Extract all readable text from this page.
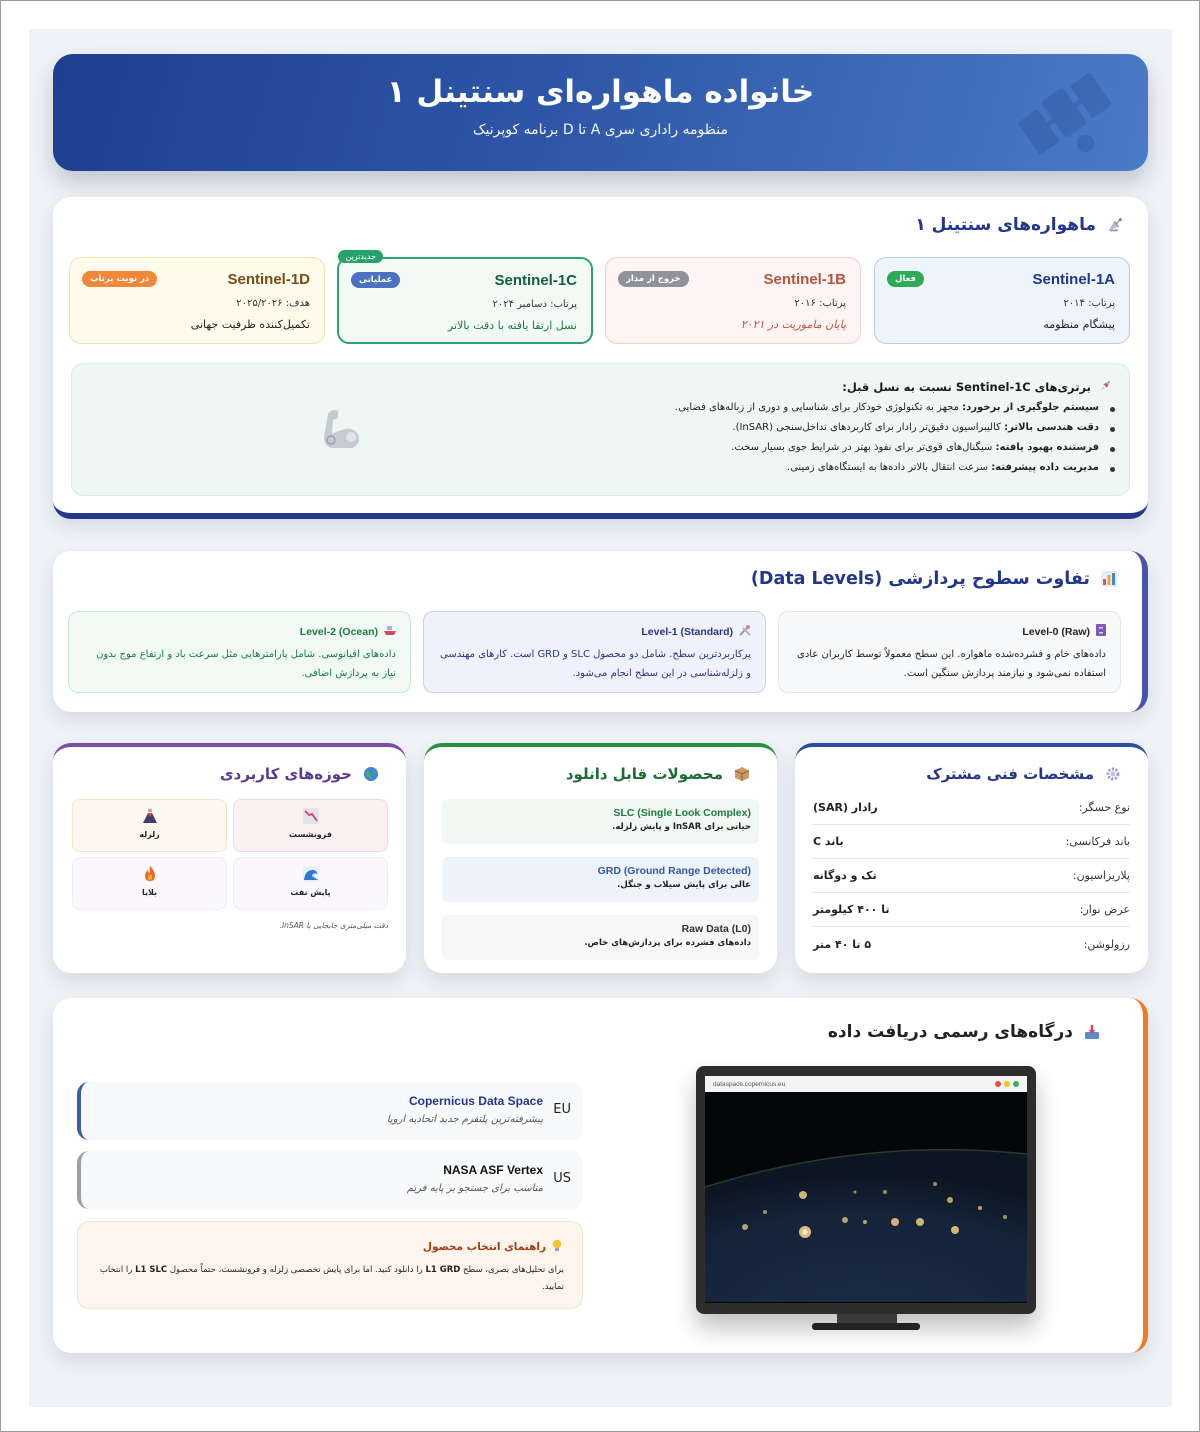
خانواده ماهواره‌ای سنتینل ۱
منظومه راداری سری A تا D برنامه کوپرنیک
ماهواره‌های سنتینل ۱
Sentinel-1A
فعال
پرتاب: ۲۰۱۴
پیشگام منظومه
Sentinel-1B
خروج از مدار
پرتاب: ۲۰۱۶
پایان ماموریت در ۲۰۲۱
جدیدترین
Sentinel-1C
عملیاتی
پرتاب: دسامبر ۲۰۲۴
نسل ارتقا یافته با دقت بالاتر
Sentinel-1D
در نوبت پرتاب
هدف: ۲۰۲۵/۲۰۲۶
تکمیل‌کننده ظرفیت جهانی
برتری‌های Sentinel-1C نسبت به نسل قبل:
سیستم جلوگیری از برخورد: مجهز به تکنولوژی خودکار برای شناسایی و دوری از زباله‌های فضایی.
دقت هندسی بالاتر: کالیبراسیون دقیق‌تر رادار برای کاربردهای تداخل‌سنجی (InSAR).
فرستنده بهبود یافته: سیگنال‌های قوی‌تر برای نفوذ بهتر در شرایط جوی بسیار سخت.
مدیریت داده پیشرفته: سرعت انتقال بالاتر داده‌ها به ایستگاه‌های زمینی.
تفاوت سطوح پردازشی (Data Levels)
Level-0 (Raw)
داده‌های خام و فشرده‌شده ماهواره. این سطح معمولاً توسط کاربران عادی استفاده نمی‌شود و نیازمند پردازش سنگین است.
Level-1 (Standard)
پرکاربردترین سطح. شامل دو محصول SLC و GRD است. کارهای مهندسی و زلزله‌شناسی در این سطح انجام می‌شود.
Level-2 (Ocean)
داده‌های اقیانوسی. شامل پارامترهایی مثل سرعت باد و ارتفاع موج بدون نیاز به پردازش اضافی.
مشخصات فنی مشترک
نوع حسگر:
رادار (SAR)
باند فرکانسی:
باند C
پلاریزاسیون:
تک و دوگانه
عرض نوار:
تا ۴۰۰ کیلومتر
رزولوشن:
۵ تا ۴۰ متر
محصولات قابل دانلود
SLC (Single Look Complex)
حیاتی برای InSAR و پایش زلزله.
GRD (Ground Range Detected)
عالی برای پایش سیلاب و جنگل.
Raw Data (L0)
داده‌های فشرده برای پردازش‌های خاص.
حوزه‌های کاربردی
فرونشست
زلزله
پایش نفت
بلایا
دقت میلی‌متری جابجایی با InSAR.
درگاه‌های رسمی دریافت داده
EU
Copernicus Data Space
پیشرفته‌ترین پلتفرم جدید اتحادیه اروپا
US
NASA ASF Vertex
مناسب برای جستجو بر پایه فریم
راهنمای انتخاب محصول
برای تحلیل‌های بصری، سطح L1 GRD را دانلود کنید. اما برای پایش تخصصی زلزله و فرونشست، حتماً محصول L1 SLC را انتخاب نمایید.
dataspace.copernicus.eu
